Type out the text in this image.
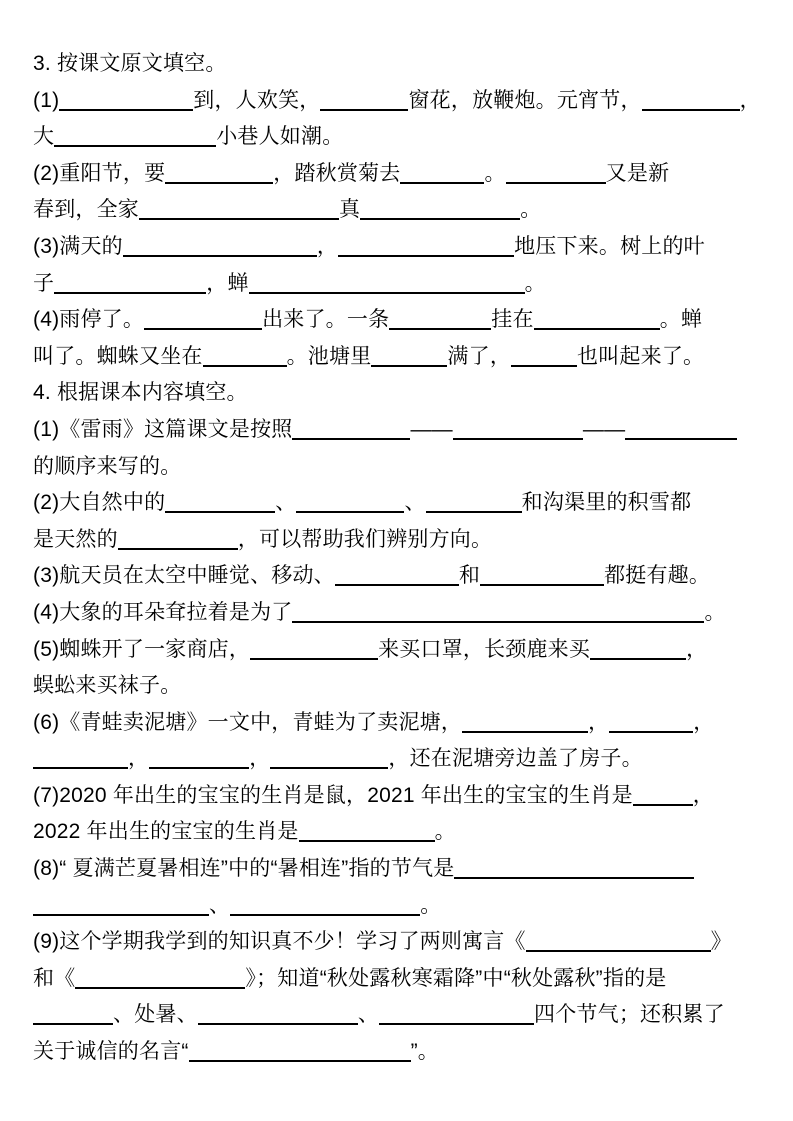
3. 按课文原文填空。
(1)	到，人欢笑，	窗花，放鞭炮。元宵节，	，
大	小巷人如潮。
(2)重阳节，要	，踏秋赏菊去	。	又是新
春到，全家	真	。
(3)满天的	，	地压下来。树上的叶
子	，蝉	。
(4)雨停了。	出来了。一条	挂在	。蝉
叫了。蜘蛛又坐在	。池塘里	满了，	也叫起来了。
4. 根据课本内容填空。
(1)《雷雨》这篇课文是按照	——	——
的顺序来写的。
(2)大自然中的	、	、	和沟渠里的积雪都
是天然的	，可以帮助我们辨别方向。
(3)航天员在太空中睡觉、移动、	和	都挺有趣。
(4)大象的耳朵耷拉着是为了	。
(5)蜘蛛开了一家商店，	来买口罩，长颈鹿来买	，
蜈蚣来买袜子。
(6)《青蛙卖泥塘》一文中，青蛙为了卖泥塘，	，	，
，	，	，还在泥塘旁边盖了房子。
(7)2020 年出生的宝宝的生肖是鼠，2021 年出生的宝宝的生肖是	，
2022 年出生的宝宝的生肖是	。
(8)“ 夏满芒夏暑相连”中的“暑相连”指的节气是
、	。
(9)这个学期我学到的知识真不少！学习了两则寓言《	》
和《	》；知道“秋处露秋寒霜降”中“秋处露秋”指的是
、处暑、	、	四个节气；还积累了
关于诚信的名言“	”。
